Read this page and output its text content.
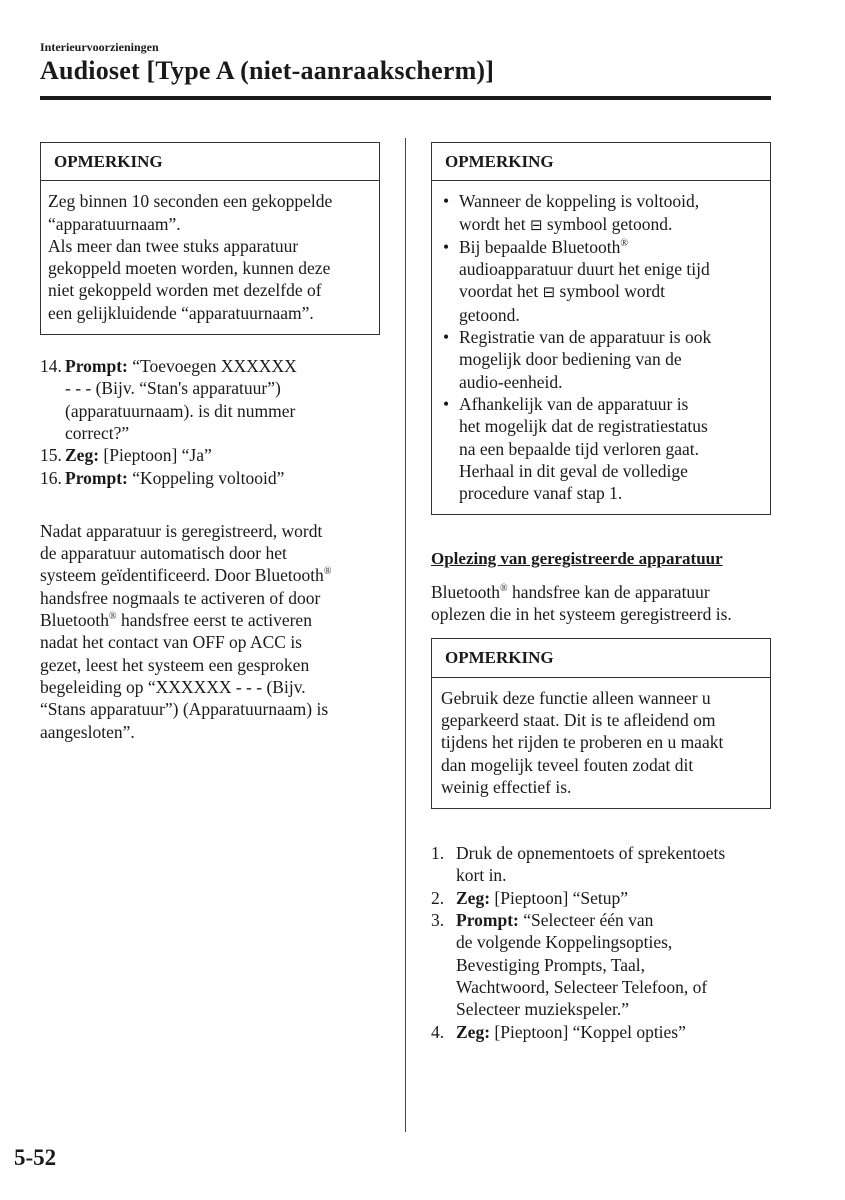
Interieurvoorzieningen
Audioset [Type A (niet-aanraakscherm)]
OPMERKING
Zeg binnen 10 seconden een gekoppelde
“apparatuurnaam”.
Als meer dan twee stuks apparatuur
gekoppeld moeten worden, kunnen deze
niet gekoppeld worden met dezelfde of
een gelijkluidende “apparatuurnaam”.
14. Prompt: “Toevoegen XXXXXX
- - - (Bijv. “Stan's apparatuur”)
(apparatuurnaam). is dit nummer
correct?”
15. Zeg: [Pieptoon] “Ja”
16. Prompt: “Koppeling voltooid”
Nadat apparatuur is geregistreerd, wordt
de apparatuur automatisch door het
systeem geïdentificeerd. Door Bluetooth®
handsfree nogmaals te activeren of door
Bluetooth® handsfree eerst te activeren
nadat het contact van OFF op ACC is
gezet, leest het systeem een gesproken
begeleiding op “XXXXXX - - - (Bijv.
“Stans apparatuur”) (Apparatuurnaam) is
aangesloten”.
OPMERKING
• Wanneer de koppeling is voltooid,
wordt het ⊟ symbool getoond.
• Bij bepaalde Bluetooth®
audioapparatuur duurt het enige tijd
voordat het ⊟ symbool wordt
getoond.
• Registratie van de apparatuur is ook
mogelijk door bediening van de
audio-eenheid.
• Afhankelijk van de apparatuur is
het mogelijk dat de registratiestatus
na een bepaalde tijd verloren gaat.
Herhaal in dit geval de volledige
procedure vanaf stap 1.
Oplezing van geregistreerde apparatuur
Bluetooth® handsfree kan de apparatuur
oplezen die in het systeem geregistreerd is.
OPMERKING
Gebruik deze functie alleen wanneer u
geparkeerd staat. Dit is te afleidend om
tijdens het rijden te proberen en u maakt
dan mogelijk teveel fouten zodat dit
weinig effectief is.
1. Druk de opnementoets of sprekentoets
kort in.
2. Zeg: [Pieptoon] “Setup”
3. Prompt: “Selecteer één van
de volgende Koppelingsopties,
Bevestiging Prompts, Taal,
Wachtwoord, Selecteer Telefoon, of
Selecteer muziekspeler.”
4. Zeg: [Pieptoon] “Koppel opties”
5-52
